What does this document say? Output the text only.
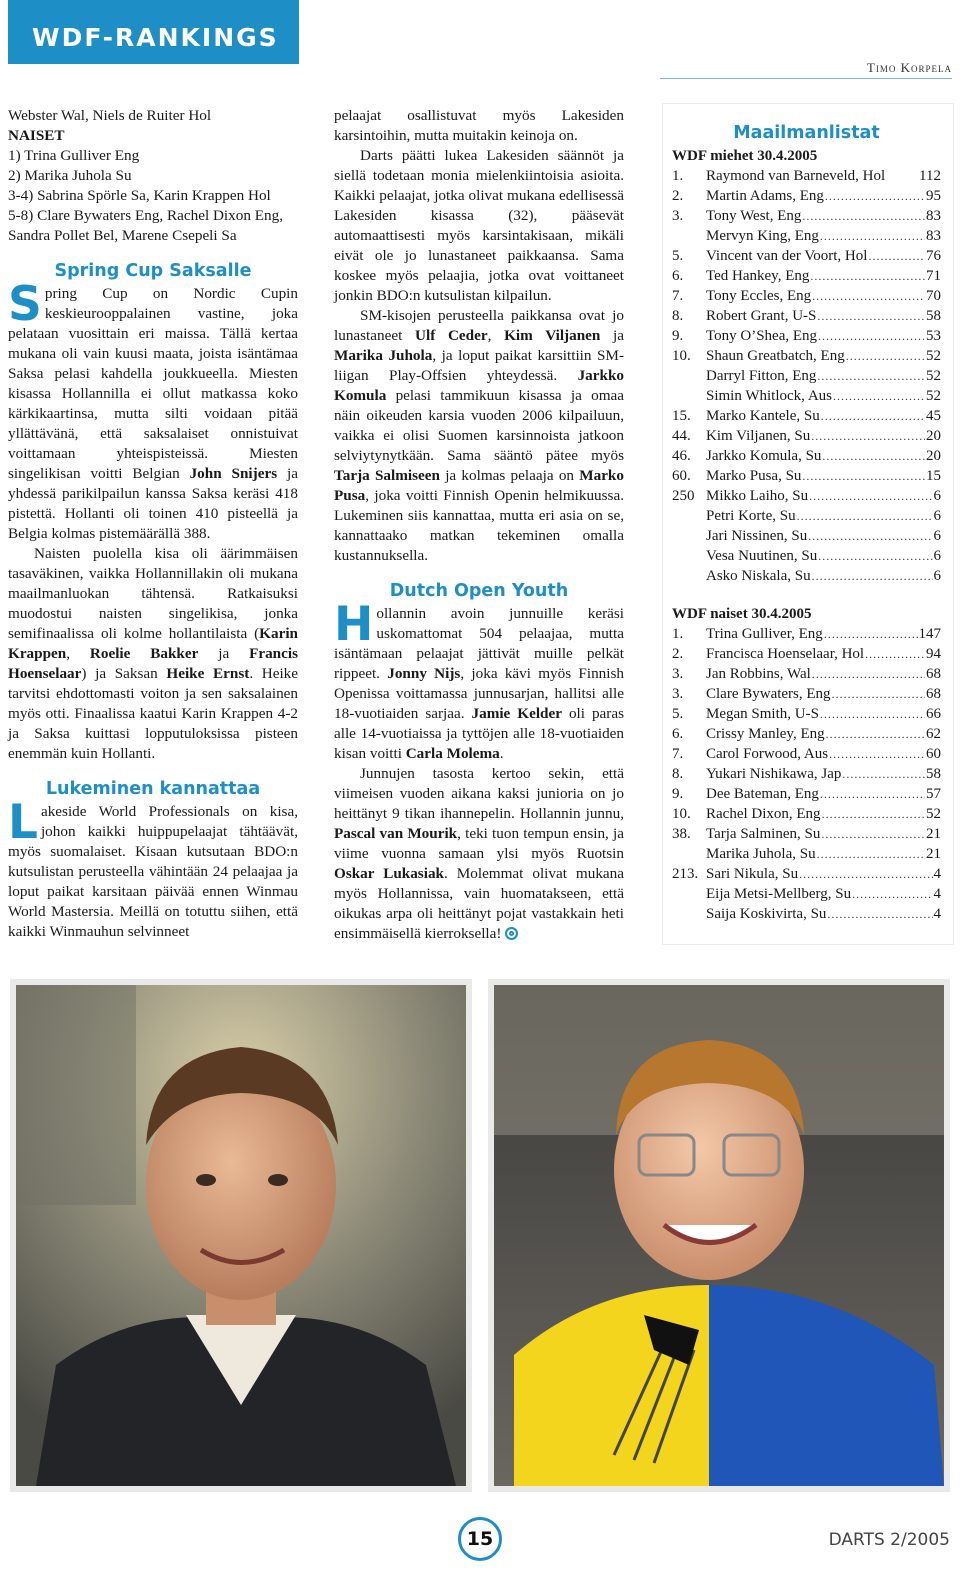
WDF-RANKINGS
Timo Korpela

Webster Wal, Niels de Ruiter Hol

NAISET

1) Trina Gulliver Eng

2) Marika Juhola Su

3-4) Sabrina Spörle Sa, Karin Krappen Hol

5-8) Clare Bywaters Eng, Rachel Dixon Eng,

Sandra Pollet Bel, Marene Csepeli Sa

Spring Cup Saksalle

Spring Cup on Nordic Cupin keskieurooppalainen vastine, joka pelataan vuosittain eri maissa. Tällä kertaa mukana oli vain kuusi maata, joista isäntämaa Saksa pelasi kahdella joukkueella. Miesten kisassa Hollannilla ei ollut matkassa koko kärkikaartinsa, mutta silti voidaan pitää yllättävänä, että saksalaiset onnistuivat voittamaan yhteispisteissä. Miesten singelikisan voitti Belgian John Snijers ja yhdessä parikilpailun kanssa Saksa keräsi 418 pistettä. Hollanti oli toinen 410 pisteellä ja Belgia kolmas pistemäärällä 388.

Naisten puolella kisa oli äärimmäisen tasaväkinen, vaikka Hollannillakin oli mukana maailmanluokan tähtensä. Ratkaisuksi muodostui naisten singelikisa, jonka semifinaalissa oli kolme hollantilaista (Karin Krappen, Roelie Bakker ja Francis Hoenselaar) ja Saksan Heike Ernst. Heike tarvitsi ehdottomasti voiton ja sen saksalainen myös otti. Finaalissa kaatui Karin Krappen 4-2 ja Saksa kuittasi lopputuloksissa pisteen enemmän kuin Hollanti.

Lukeminen kannattaa

Lakeside World Professionals on kisa, johon kaikki huippupelaajat tähtäävät, myös suomalaiset. Kisaan kutsutaan BDO:n kutsulistan perusteella vähintään 24 pelaajaa ja loput paikat karsitaan päivää ennen Winmau World Mastersia. Meillä on totuttu siihen, että kaikki Winmauhun selvinneet

pelaajat osallistuvat myös Lakesiden karsintoihin, mutta muitakin keinoja on.

Darts päätti lukea Lakesiden säännöt ja siellä todetaan monia mielenkiintoisia asioita. Kaikki pelaajat, jotka olivat mukana edellisessä Lakesiden kisassa (32), pääsevät automaattisesti myös karsintakisaan, mikäli eivät ole jo lunastaneet paikkaansa. Sama koskee myös pelaajia, jotka ovat voittaneet jonkin BDO:n kutsulistan kilpailun.

SM-kisojen perusteella paikkansa ovat jo lunastaneet Ulf Ceder, Kim Viljanen ja Marika Juhola, ja loput paikat karsittiin SM-liigan Play-Offsien yhteydessä. Jarkko Komula pelasi tammikuun kisassa ja omaa näin oikeuden karsia vuoden 2006 kilpailuun, vaikka ei olisi Suomen karsinnoista jatkoon selviytynytkään. Sama sääntö pätee myös Tarja Salmiseen ja kolmas pelaaja on Marko Pusa, joka voitti Finnish Openin helmikuussa. Lukeminen siis kannattaa, mutta eri asia on se, kannattaako matkan tekeminen omalla kustannuksella.

Dutch Open Youth

Hollannin avoin junnuille keräsi uskomattomat 504 pelaajaa, mutta isäntämaan pelaajat jättivät muille pelkät rippeet. Jonny Nijs, joka kävi myös Finnish Openissa voittamassa junnusarjan, hallitsi alle 18-vuotiaiden sarjaa. Jamie Kelder oli paras alle 14-vuotiaissa ja tyttöjen alle 18-vuotiaiden kisan voitti Carla Molema.

Junnujen tasosta kertoo sekin, että viimeisen vuoden aikana kaksi junioria on jo heittänyt 9 tikan ihannepelin. Hollannin junnu, Pascal van Mourik, teki tuon tempun ensin, ja viime vuonna samaan ylsi myös Ruotsin Oskar Lukasiak. Molemmat olivat mukana myös Hollannissa, vain huomatakseen, että oikukas arpa oli heittänyt pojat vastakkain heti ensimmäisellä kierroksella!

Maailmanlistat
WDF miehet 30.4.2005
1.	Raymond van Barneveld, Hol 112
2.	Martin Adams, Eng .....	95
3.	Tony West, Eng .....	83
Mervyn King, Eng .....	83
5.	Vincent van der Voort, Hol .....	76
6.	Ted Hankey, Eng .....	71
7.	Tony Eccles, Eng .....	70
8.	Robert Grant, U-S .....	58
9.	Tony O’Shea, Eng .....	53
10.	Shaun Greatbatch, Eng .....	52
Darryl Fitton, Eng .....	52
Simin Whitlock, Aus .....	52
15.	Marko Kantele, Su .....	45
44.	Kim Viljanen, Su .....	20
46.	Jarkko Komula, Su .....	20
60.	Marko Pusa, Su .....	15
250 Mikko Laiho, Su .....	6
Petri Korte, Su .....	6
Jari Nissinen, Su .....	6
Vesa Nuutinen, Su .....	6
Asko Niskala, Su .....	6
WDF naiset 30.4.2005
1.	Trina Gulliver, Eng .....	147
2.	Francisca Hoenselaar, Hol .....	94
3.	Jan Robbins, Wal .....	68
3.	Clare Bywaters, Eng .....	68
5.	Megan Smith, U-S .....	66
6.	Crissy Manley, Eng .....	62
7.	Carol Forwood, Aus .....	60
8.	Yukari Nishikawa, Jap .....	58
9.	Dee Bateman, Eng .....	57
10.	Rachel Dixon, Eng .....	52
38.	Tarja Salminen, Su .....	21
Marika Juhola, Su .....	21
213. Sari Nikula, Su .....	4
Eija Metsi-Mellberg, Su .....	4
Saija Koskivirta, Su .....	4
15	DARTS 2/2005
